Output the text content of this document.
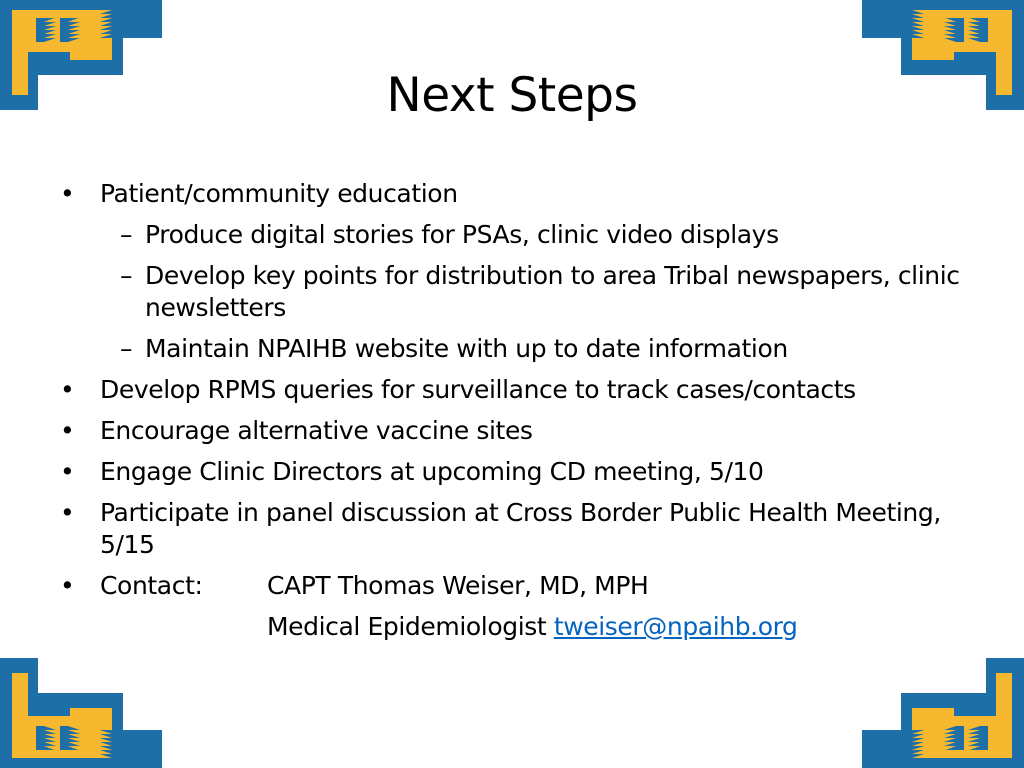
Next Steps
• Patient/community education
– Produce digital stories for PSAs, clinic video displays
– Develop key points for distribution to area Tribal newspapers, clinic newsletters
– Maintain NPAIHB website with up to date information
• Develop RPMS queries for surveillance to track cases/contacts
• Encourage alternative vaccine sites
• Engage Clinic Directors at upcoming CD meeting, 5/10
• Participate in panel discussion at Cross Border Public Health Meeting, 5/15
• Contact:	CAPT Thomas Weiser, MD, MPH
Medical Epidemiologist tweiser@npaihb.org
